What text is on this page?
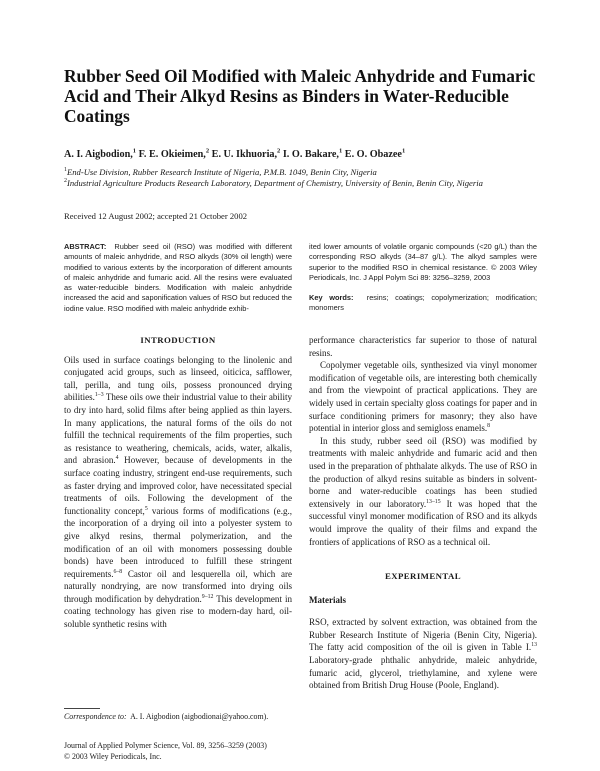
Rubber Seed Oil Modified with Maleic Anhydride and Fumaric Acid and Their Alkyd Resins as Binders in Water-Reducible Coatings
A. I. Aigbodion,$^1$ F. E. Okieimen,$^2$ E. U. Ikhuoria,$^2$ I. O. Bakare,$^1$ E. O. Obazee$^1$
$^1$End-Use Division, Rubber Research Institute of Nigeria, P.M.B. 1049, Benin City, Nigeria
$^2$Industrial Agriculture Products Research Laboratory, Department of Chemistry, University of Benin, Benin City, Nigeria
Received 12 August 2002; accepted 21 October 2002
ABSTRACT: Rubber seed oil (RSO) was modified with different amounts of maleic anhydride, and RSO alkyds (30% oil length) were modified to various extents by the incorporation of different amounts of maleic anhydride and fumaric acid. All the resins were evaluated as water-reducible binders. Modification with maleic anhydride increased the acid and saponification values of RSO but reduced the iodine value. RSO modified with maleic anhydride exhib-
ited lower amounts of volatile organic compounds (<20 g/L) than the corresponding RSO alkyds (34–87 g/L). The alkyd samples were superior to the modified RSO in chemical resistance. © 2003 Wiley Periodicals, Inc. J Appl Polym Sci 89: 3256–3259, 2003
Key words: resins; coatings; copolymerization; modification; monomers
INTRODUCTION

Oils used in surface coatings belonging to the linolenic and conjugated acid groups, such as linseed, oiticica, safflower, tall, perilla, and tung oils, possess pronounced drying abilities.$^{1-3}$ These oils owe their industrial value to their ability to dry into hard, solid films after being applied as thin layers. In many applications, the natural forms of the oils do not fulfill the technical requirements of the film properties, such as resistance to weathering, chemicals, acids, water, alkalis, and abrasion.$^4$ However, because of developments in the surface coating industry, stringent end-use requirements, such as faster drying and improved color, have necessitated special treatments of oils. Following the development of the functionality concept,$^5$ various forms of modifications (e.g., the incorporation of a drying oil into a polyester system to give alkyd resins, thermal polymerization, and the modification of an oil with monomers possessing double bonds) have been introduced to fulfill these stringent requirements.$^{6-8}$ Castor oil and lesquerella oil, which are naturally nondrying, are now transformed into drying oils through modification by dehydration.$^{9-12}$ This development in coating technology has given rise to modern-day hard, oil-soluble synthetic resins with

performance characteristics far superior to those of natural resins.

Copolymer vegetable oils, synthesized via vinyl monomer modification of vegetable oils, are interesting both chemically and from the viewpoint of practical applications. They are widely used in certain specialty gloss coatings for paper and in surface conditioning primers for masonry; they also have potential in interior gloss and semigloss enamels.$^8$

In this study, rubber seed oil (RSO) was modified by treatments with maleic anhydride and fumaric acid and then used in the preparation of phthalate alkyds. The use of RSO in the production of alkyd resins suitable as binders in solvent-borne and water-reducible coatings has been studied extensively in our laboratory.$^{13-15}$ It was hoped that the successful vinyl monomer modification of RSO and its alkyds would improve the quality of their films and expand the frontiers of applications of RSO as a technical oil.

EXPERIMENTAL
Materials

RSO, extracted by solvent extraction, was obtained from the Rubber Research Institute of Nigeria (Benin City, Nigeria). The fatty acid composition of the oil is given in Table I.$^{13}$ Laboratory-grade phthalic anhydride, maleic anhydride, fumaric acid, glycerol, triethylamine, and xylene were obtained from British Drug House (Poole, England).

Correspondence to: A. I. Aigbodion (aigbodionai@yahoo.com).
Journal of Applied Polymer Science, Vol. 89, 3256–3259 (2003)
© 2003 Wiley Periodicals, Inc.
